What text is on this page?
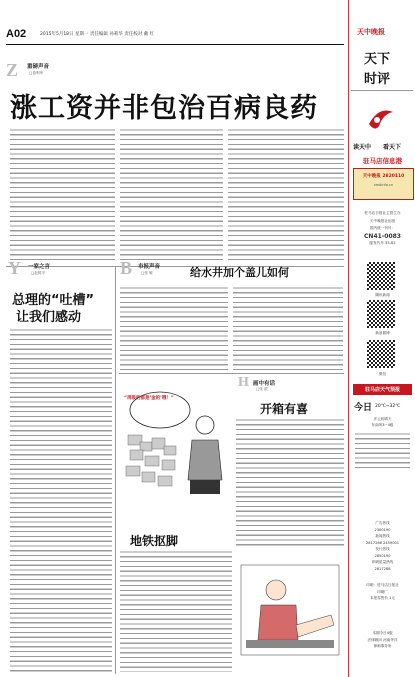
A02	2015年5月18日 星期一 责任编辑 孙莉华 责任校对 戴 红
Z 重磅声音
□盘利华
涨工资并非包治百病良药
Y 一家之言
□赵树平
总理的“吐槽”
让我们感动
B 市报声音
□张 敏	给水井加个盖儿如何
“再吸的都是‘金的’哦！”
H 画中有话
□张 波
开箱有喜
地铁抠脚
天中晚报
天下
时评
读天中 看天下
驻马店信息港
天中晚报 2820110
zmdinfo.cn
驻马店日报社主管主办
天中晚报社出版
国内统一刊号：
CN41-0083
邮发代号 35-82
腾讯新闻
新浪微博
微信
驻马店天气预报
今日 20℃~32℃
多云转晴天
东南风3~4级
广告热线
2300190
新闻热线
2817266 2459001
发行热线
2850190
印刷质量热线
2817288
印刷：驻马店日报社
印刷厂
本报零售价 1元
本期今日4版
法律顾问 河南华洋
律师事务所
